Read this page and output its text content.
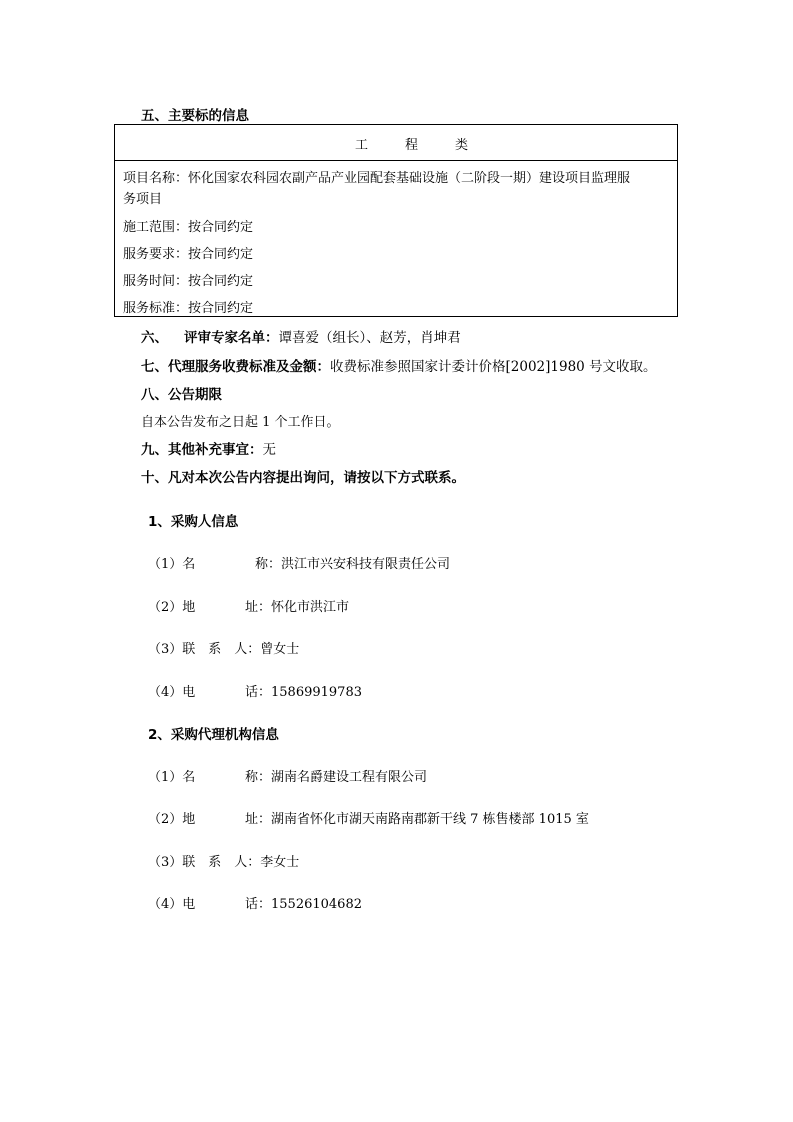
五、主要标的信息
工	程	类
项目名称：怀化国家农科园农副产品产业园配套基础设施（二阶段一期）建设项目监理服
务项目
施工范围：按合同约定
服务要求：按合同约定
服务时间：按合同约定
服务标准：按合同约定
六、 评审专家名单：谭喜爱（组长）、赵芳，肖坤君
七、代理服务收费标准及金额：收费标准参照国家计委计价格[2002]1980 号文收取。
八、公告期限
自本公告发布之日起 1 个工作日。
九、其他补充事宜：无
十、凡对本次公告内容提出询问，请按以下方式联系。
1、采购人信息
（1）名	称：洪江市兴安科技有限责任公司
（2）地	址：怀化市洪江市
（3）联　系　人：曾女士
（4）电	话：15869919783
2、采购代理机构信息
（1）名	称：湖南名爵建设工程有限公司
（2）地	址：湖南省怀化市湖天南路南郡新干线 7 栋售楼部 1015 室
（3）联　系　人：李女士
（4）电	话：15526104682
